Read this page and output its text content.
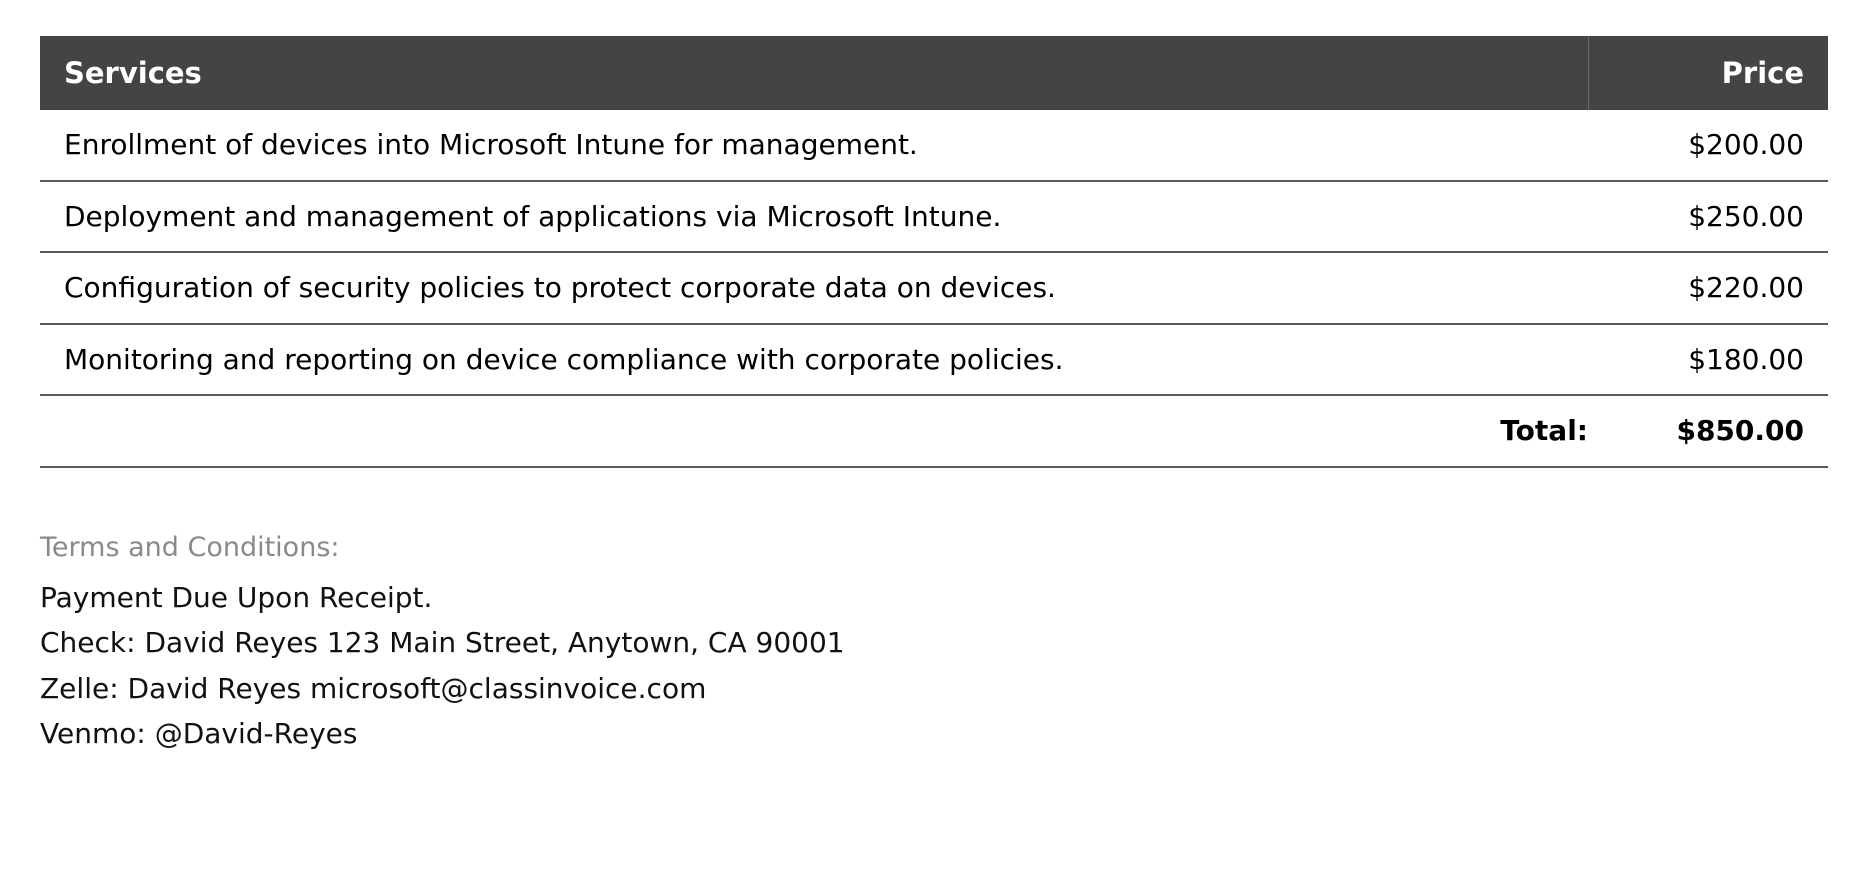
Services	Price
Enrollment of devices into Microsoft Intune for management.	$200.00
Deployment and management of applications via Microsoft Intune.	$250.00
Configuration of security policies to protect corporate data on devices.	$220.00
Monitoring and reporting on device compliance with corporate policies.	$180.00
Total:	$850.00
Terms and Conditions:
Payment Due Upon Receipt.
Check: David Reyes 123 Main Street, Anytown, CA 90001
Zelle: David Reyes microsoft@classinvoice.com
Venmo: @David-Reyes
